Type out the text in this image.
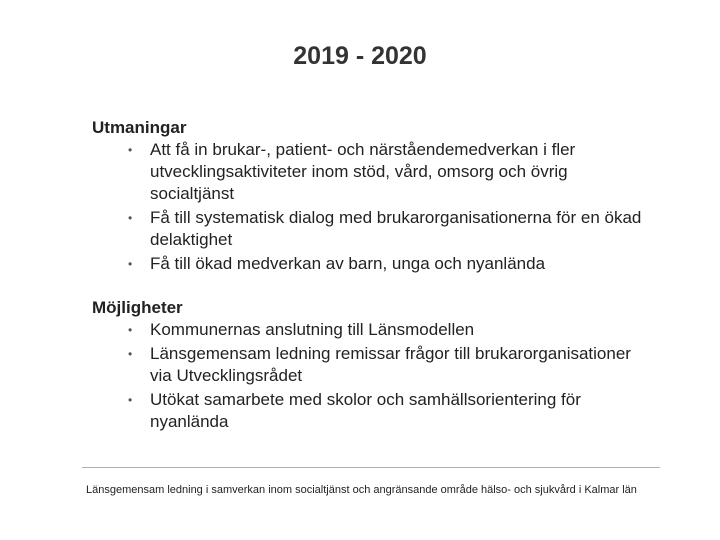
2019 - 2020
Utmaningar
• Att få in brukar-, patient- och närståendemedverkan i fler utvecklingsaktiviteter inom stöd, vård, omsorg och övrig socialtjänst
• Få till systematisk dialog med brukarorganisationerna för en ökad delaktighet
• Få till ökad medverkan av barn, unga och nyanlända
Möjligheter
• Kommunernas anslutning till Länsmodellen
• Länsgemensam ledning remissar frågor till brukarorganisationer via Utvecklingsrådet
• Utökat samarbete med skolor och samhällsorientering för nyanlända
Länsgemensam ledning i samverkan inom socialtjänst och angränsande område hälso- och sjukvård i Kalmar län
